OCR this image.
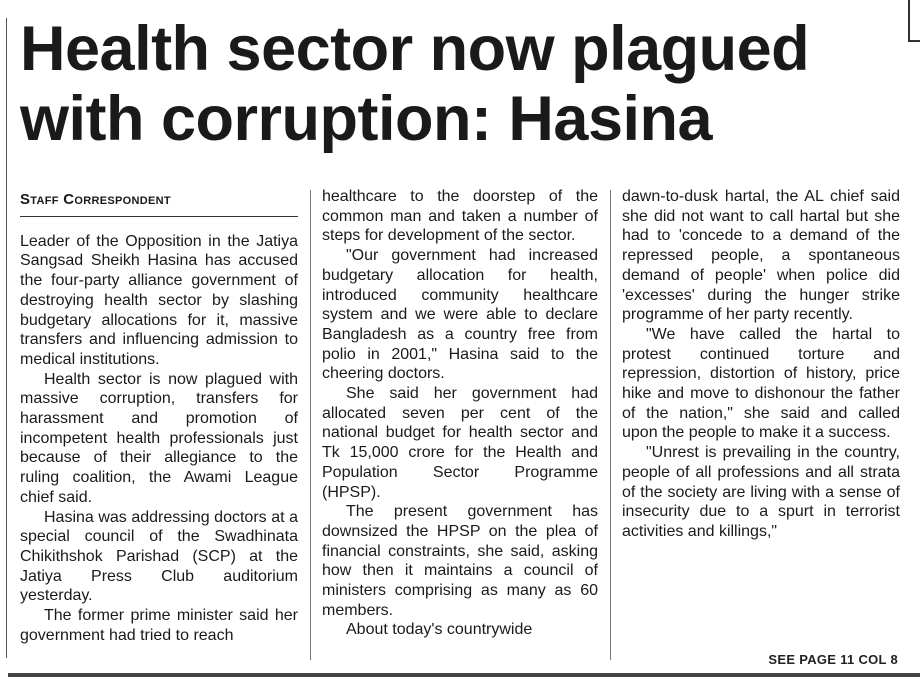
Health sector now plagued with corruption: Hasina
Staff Correspondent

Leader of the Opposition in the Jatiya Sangsad Sheikh Hasina has accused the four-party alliance government of destroying health sector by slashing budgetary allocations for it, massive transfers and influencing admission to medical institutions.

Health sector is now plagued with massive corruption, transfers for harassment and promotion of incompetent health professionals just because of their allegiance to the ruling coalition, the Awami League chief said.

Hasina was addressing doctors at a special council of the Swadhinata Chikithshok Parishad (SCP) at the Jatiya Press Club auditorium yesterday.

The former prime minister said her government had tried to reach

healthcare to the doorstep of the common man and taken a number of steps for development of the sector.

"Our government had increased budgetary allocation for health, introduced community healthcare system and we were able to declare Bangladesh as a country free from polio in 2001," Hasina said to the cheering doctors.

She said her government had allocated seven per cent of the national budget for health sector and Tk 15,000 crore for the Health and Population Sector Programme (HPSP).

The present government has downsized the HPSP on the plea of financial constraints, she said, asking how then it maintains a council of ministers comprising as many as 60 members.

About today's countrywide

dawn-to-dusk hartal, the AL chief said she did not want to call hartal but she had to 'concede to a demand of the repressed people, a spontaneous demand of people' when police did 'excesses' during the hunger strike programme of her party recently.

"We have called the hartal to protest continued torture and repression, distortion of history, price hike and move to dishonour the father of the nation," she said and called upon the people to make it a success.

"Unrest is prevailing in the country, people of all professions and all strata of the society are living with a sense of insecurity due to a spurt in terrorist activities and killings,"

SEE PAGE 11 COL 8
